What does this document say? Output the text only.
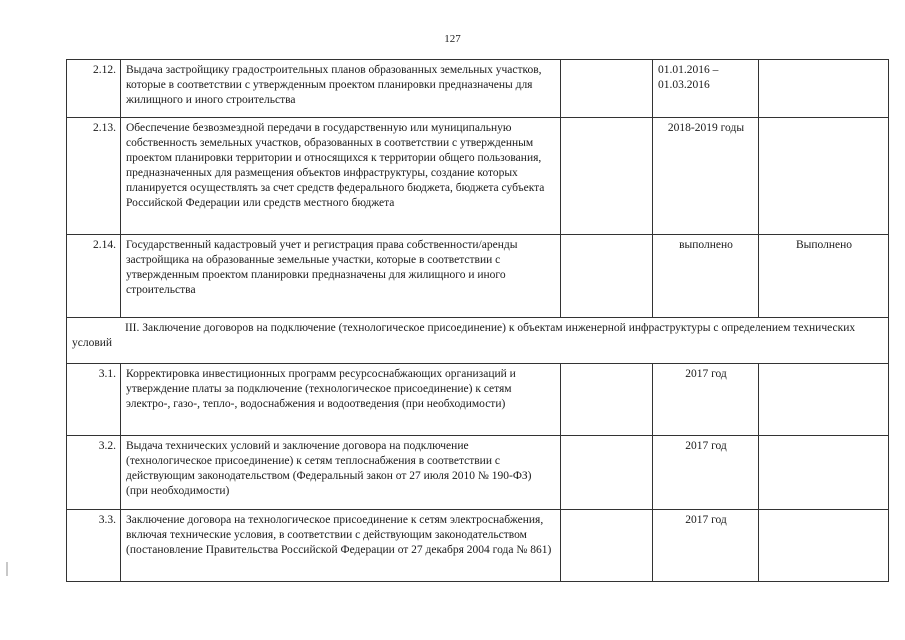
127
2.12.	Выдача застройщику градостроительных планов образованных земельных участков, которые в соответствии с утвержденным проектом планировки предназначены для жилищного и иного строительства		01.01.2016 – 01.03.2016	
2.13.	Обеспечение безвозмездной передачи в государственную или муниципальную собственность земельных участков, образованных в соответствии с утвержденным проектом планировки территории и относящихся к территории общего пользования, предназначенных для размещения объектов инфраструктуры, создание которых планируется осуществлять за счет средств федерального бюджета, бюджета субъекта Российской Федерации или средств местного бюджета		2018-2019 годы	
2.14.	Государственный кадастровый учет и регистрация права собственности/аренды застройщика на образованные земельные участки, которые в соответствии с утвержденным проектом планировки предназначены для жилищного и иного строительства		выполнено	Выполнено
III. Заключение договоров на подключение (технологическое присоединение) к объектам инженерной инфраструктуры с определением технических условий				
3.1.	Корректировка инвестиционных программ ресурсоснабжающих организаций и утверждение платы за подключение (технологическое присоединение) к сетям электро-, газо-, тепло-, водоснабжения и водоотведения (при необходимости)		2017 год	
3.2.	Выдача технических условий и заключение договора на подключение (технологическое присоединение) к сетям теплоснабжения в соответствии с действующим законодательством (Федеральный закон от 27 июля 2010 № 190-ФЗ) (при необходимости)		2017 год	
3.3.	Заключение договора на технологическое присоединение к сетям электроснабжения, включая технические условия, в соответствии с действующим законодательством (постановление Правительства Российской Федерации от 27 декабря 2004 года № 861)		2017 год	
